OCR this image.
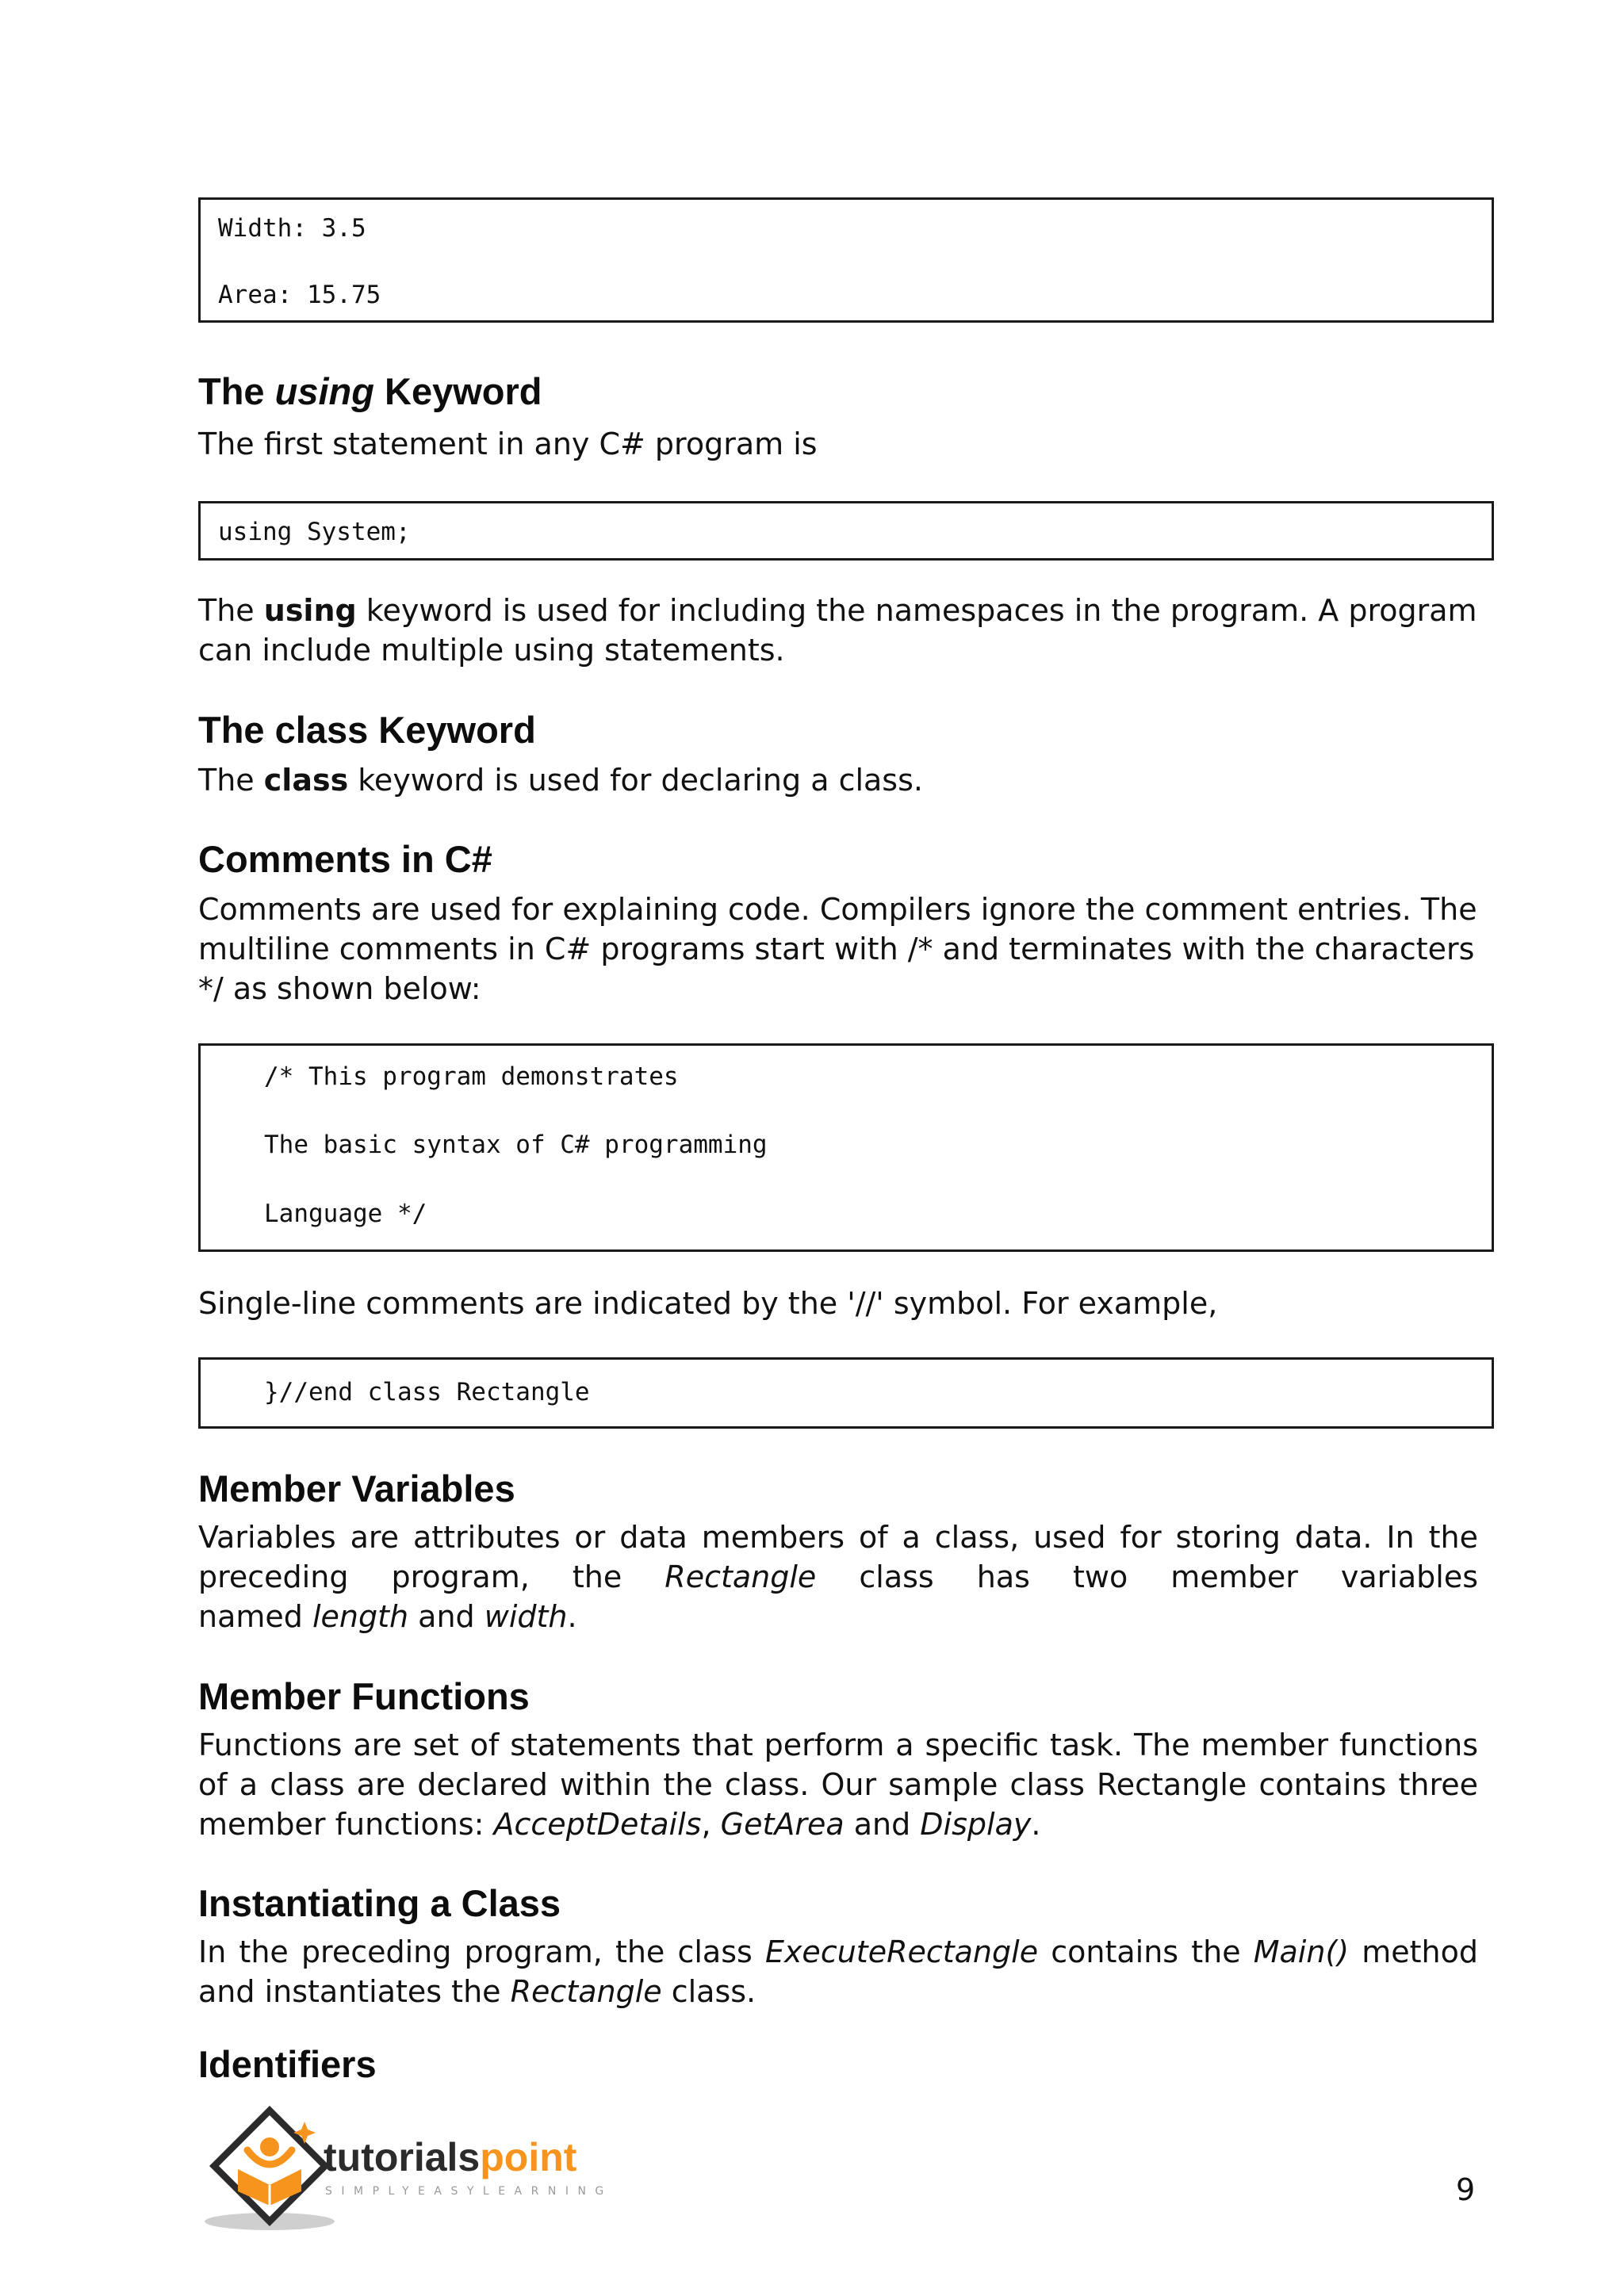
Width: 3.5
Area: 15.75
The using Keyword

The first statement in any C# program is

using System;

The using keyword is used for including the namespaces in the program. A program
can include multiple using statements.

The class Keyword

The class keyword is used for declaring a class.

Comments in C#

Comments are used for explaining code. Compilers ignore the comment entries. The
multiline comments in C# programs start with /* and terminates with the characters
*/ as shown below:

/* This program demonstrates
The basic syntax of C# programming
Language */

Single-line comments are indicated by the '//' symbol. For example,

}//end class Rectangle
Member Variables

Variables are attributes or data members of a class, used for storing data. In the
preceding program, the Rectangle class has two member variables
named length and width.

Member Functions

Functions are set of statements that perform a specific task. The member functions
of a class are declared within the class. Our sample class Rectangle contains three
member functions: AcceptDetails, GetArea and Display.

Instantiating a Class

In the preceding program, the class ExecuteRectangle contains the Main() method
and instantiates the Rectangle class.

Identifiers
tutorialspoint
SIMPLYEASYLEARNING	9
